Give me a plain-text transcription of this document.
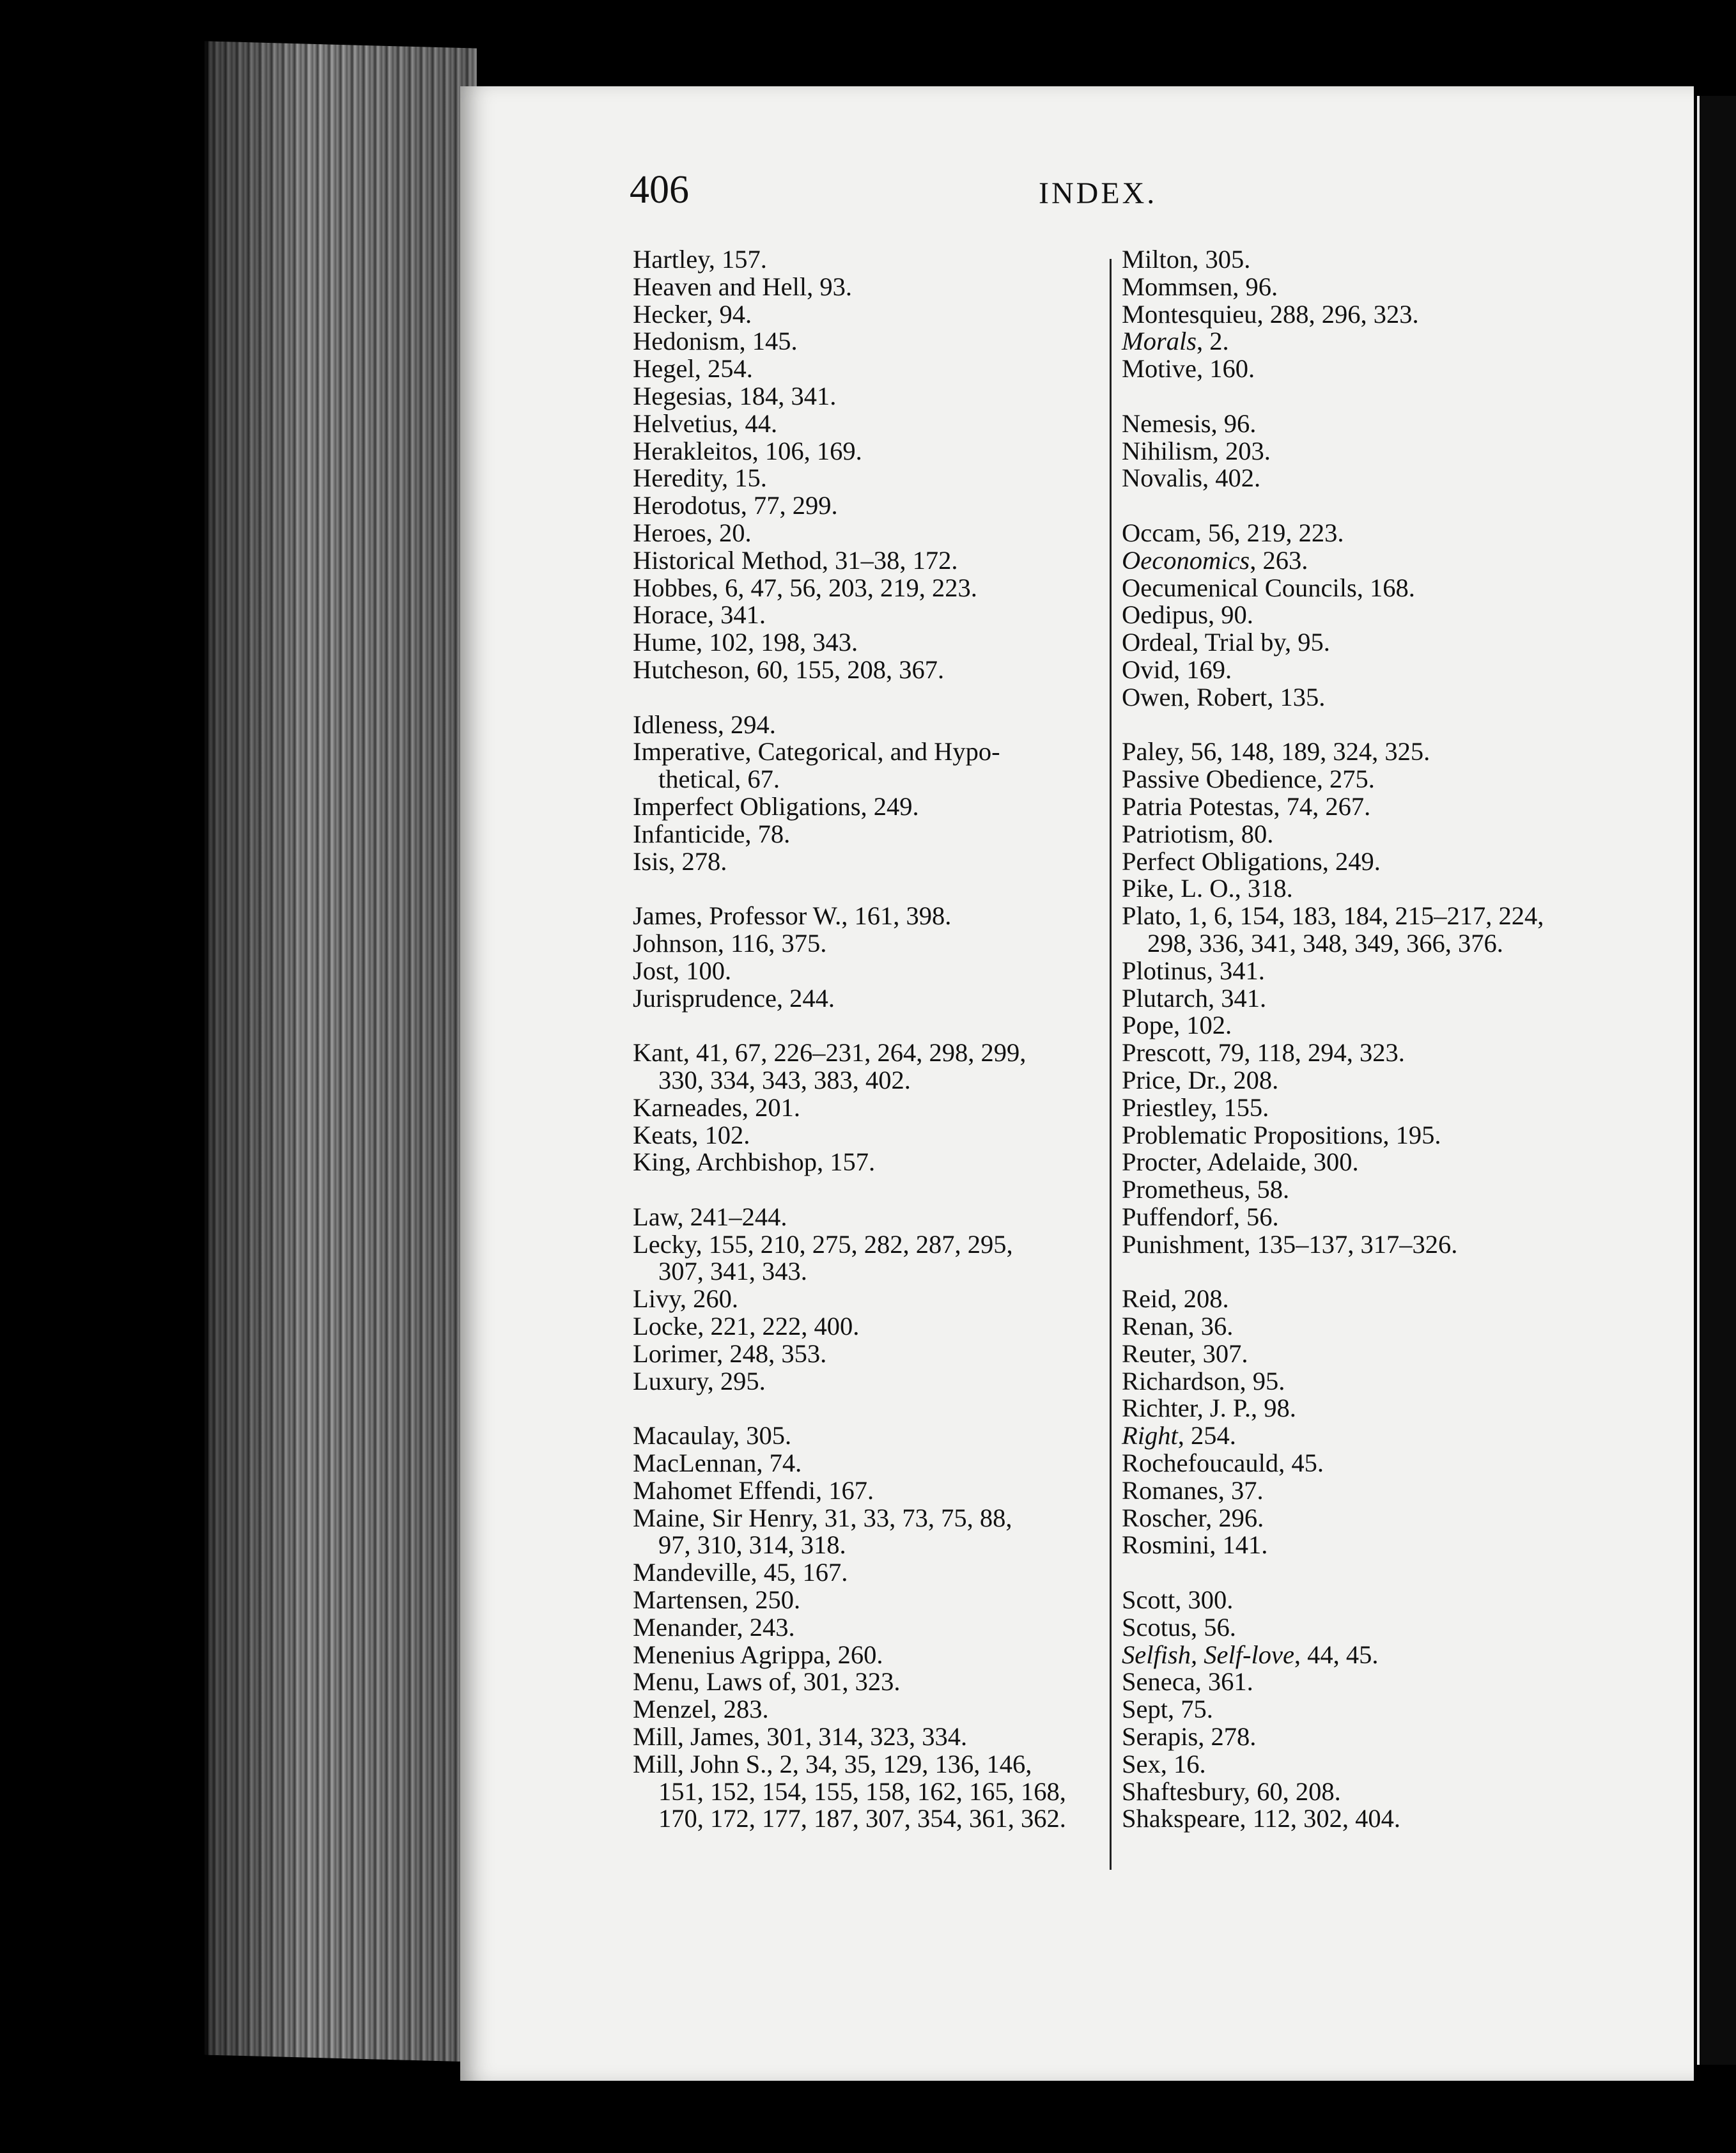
406	INDEX.
Hartley, 157.
Heaven and Hell, 93.
Hecker, 94.
Hedonism, 145.
Hegel, 254.
Hegesias, 184, 341.
Helvetius, 44.
Herakleitos, 106, 169.
Heredity, 15.
Herodotus, 77, 299.
Heroes, 20.
Historical Method, 31–38, 172.
Hobbes, 6, 47, 56, 203, 219, 223.
Horace, 341.
Hume, 102, 198, 343.
Hutcheson, 60, 155, 208, 367.
Idleness, 294.
Imperative, Categorical, and Hypo-
thetical, 67.
Imperfect Obligations, 249.
Infanticide, 78.
Isis, 278.
James, Professor W., 161, 398.
Johnson, 116, 375.
Jost, 100.
Jurisprudence, 244.
Kant, 41, 67, 226–231, 264, 298, 299,
330, 334, 343, 383, 402.
Karneades, 201.
Keats, 102.
King, Archbishop, 157.
Law, 241–244.
Lecky, 155, 210, 275, 282, 287, 295,
307, 341, 343.
Livy, 260.
Locke, 221, 222, 400.
Lorimer, 248, 353.
Luxury, 295.
Macaulay, 305.
MacLennan, 74.
Mahomet Effendi, 167.
Maine, Sir Henry, 31, 33, 73, 75, 88,
97, 310, 314, 318.
Mandeville, 45, 167.
Martensen, 250.
Menander, 243.
Menenius Agrippa, 260.
Menu, Laws of, 301, 323.
Menzel, 283.
Mill, James, 301, 314, 323, 334.
Mill, John S., 2, 34, 35, 129, 136, 146,
151, 152, 154, 155, 158, 162, 165, 168,
170, 172, 177, 187, 307, 354, 361, 362.
Milton, 305.
Mommsen, 96.
Montesquieu, 288, 296, 323.
Morals, 2.
Motive, 160.
Nemesis, 96.
Nihilism, 203.
Novalis, 402.
Occam, 56, 219, 223.
Oeconomics, 263.
Oecumenical Councils, 168.
Oedipus, 90.
Ordeal, Trial by, 95.
Ovid, 169.
Owen, Robert, 135.
Paley, 56, 148, 189, 324, 325.
Passive Obedience, 275.
Patria Potestas, 74, 267.
Patriotism, 80.
Perfect Obligations, 249.
Pike, L. O., 318.
Plato, 1, 6, 154, 183, 184, 215–217, 224,
298, 336, 341, 348, 349, 366, 376.
Plotinus, 341.
Plutarch, 341.
Pope, 102.
Prescott, 79, 118, 294, 323.
Price, Dr., 208.
Priestley, 155.
Problematic Propositions, 195.
Procter, Adelaide, 300.
Prometheus, 58.
Puffendorf, 56.
Punishment, 135–137, 317–326.
Reid, 208.
Renan, 36.
Reuter, 307.
Richardson, 95.
Richter, J. P., 98.
Right, 254.
Rochefoucauld, 45.
Romanes, 37.
Roscher, 296.
Rosmini, 141.
Scott, 300.
Scotus, 56.
Selfish, Self-love, 44, 45.
Seneca, 361.
Sept, 75.
Serapis, 278.
Sex, 16.
Shaftesbury, 60, 208.
Shakspeare, 112, 302, 404.
